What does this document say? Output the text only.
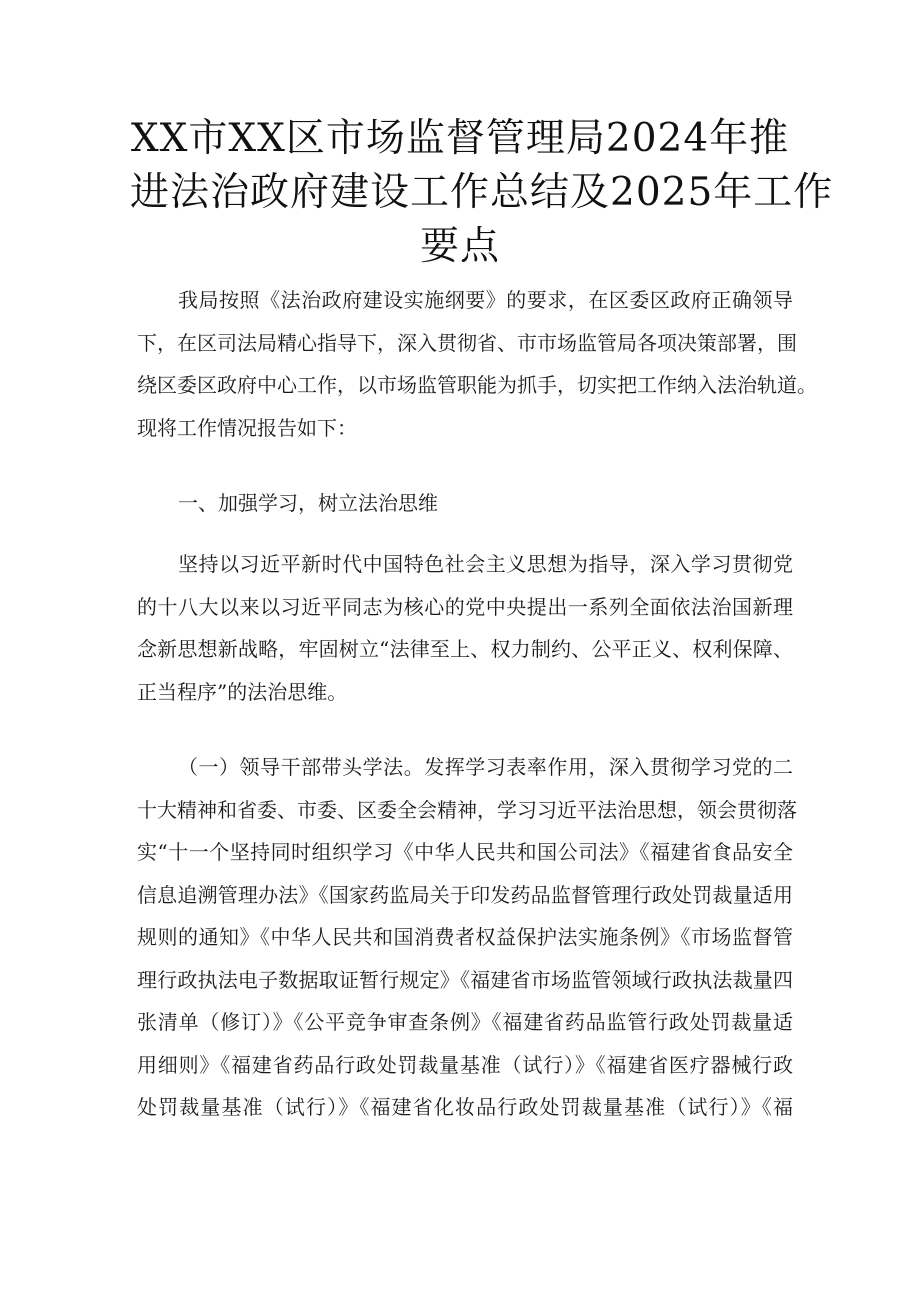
XX市XX区市场监督管理局2024年推
进法治政府建设工作总结及2025年工作
要点
我局按照《法治政府建设实施纲要》的要求，在区委区政府正确领导
下，在区司法局精心指导下，深入贯彻省、市市场监管局各项决策部署，围
绕区委区政府中心工作，以市场监管职能为抓手，切实把工作纳入法治轨道。
现将工作情况报告如下：
一、加强学习，树立法治思维
坚持以习近平新时代中国特色社会主义思想为指导，深入学习贯彻党
的十八大以来以习近平同志为核心的党中央提出一系列全面依法治国新理
念新思想新战略，牢固树立“法律至上、权力制约、公平正义、权利保障、
正当程序”的法治思维。
（一）领导干部带头学法。发挥学习表率作用，深入贯彻学习党的二
十大精神和省委、市委、区委全会精神，学习习近平法治思想，领会贯彻落
实“十一个坚持同时组织学习《中华人民共和国公司法》《福建省食品安全
信息追溯管理办法》《国家药监局关于印发药品监督管理行政处罚裁量适用
规则的通知》《中华人民共和国消费者权益保护法实施条例》《市场监督管
理行政执法电子数据取证暂行规定》《福建省市场监管领域行政执法裁量四
张清单（修订）》《公平竞争审查条例》《福建省药品监管行政处罚裁量适
用细则》《福建省药品行政处罚裁量基准（试行）》《福建省医疗器械行政
处罚裁量基准（试行）》《福建省化妆品行政处罚裁量基准（试行）》《福
